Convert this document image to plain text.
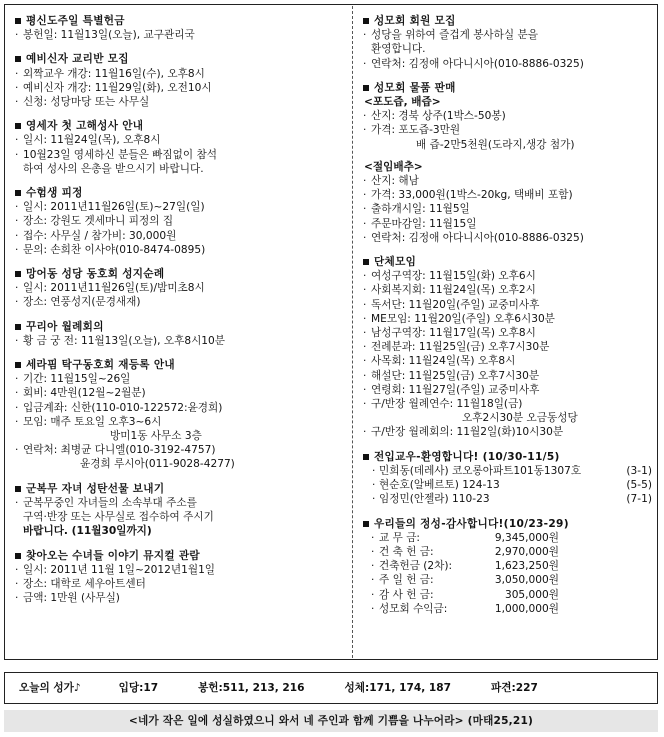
평신도주일 특별헌금
· 봉헌일: 11월13일(오늘), 교구관리국
예비신자 교리반 모집
· 외짝교우 개강: 11월16일(수), 오후8시
· 예비신자 개강: 11월29일(화), 오전10시
· 신청: 성당마당 또는 사무실
영세자 첫 고해성사 안내
· 일시: 11월24일(목), 오후8시
· 10월23일 영세하신 분들은 빠짐없이 참석
하여 성사의 은총을 받으시기 바랍니다.
수험생 피정
· 일시: 2011년11월26일(토)~27일(일)
· 장소: 강원도 겟세마니 피정의 집
· 접수: 사무실 / 참가비: 30,000원
· 문의: 손희찬 이사야(010-8474-0895)
망어동 성당 동호회 성지순례
· 일시: 2011년11월26일(토)/밤미초8시
· 장소: 연풍성지(문경새재)
꾸리아 월례회의
· 황 금 궁 전: 11월13일(오늘), 오후8시10분
세라핌 탁구동호회 재등록 안내
· 기간: 11월15일~26일
· 회비: 4만원(12월~2월분)
· 입금계좌: 신한(110-010-122572:윤경희)
· 모임: 매주 토요일 오후3~6시
방미1동 사무소 3층
· 연락처: 최병균 다니엘(010-3192-4757)
윤경희 루시아(011-9028-4277)
군복무 자녀 성탄선물 보내기
· 군복무중인 자녀들의 소속부대 주소를
구역·반장 또는 사무실로 접수하여 주시기
바랍니다. (11월30일까지)
찾아오는 수녀들 이야기 뮤지컬 관람
· 일시: 2011년 11월 1일~2012년1월1일
· 장소: 대학로 세우아트센터
· 금액: 1만원 (사무실)
성모회 회원 모집
· 성당을 위하여 즐겁게 봉사하실 분을
환영합니다.
· 연락처: 김정애 아다니시아(010-8886-0325)
성모회 물품 판매
<포도즙, 배즙>
· 산지: 경북 상주(1박스-50봉)
· 가격: 포도즙-3만원
배 즙-2만5천원(도라지,생강 첨가)
<절임배추>
· 산지: 해남
· 가격: 33,000원(1박스-20kg, 택배비 포함)
· 출하개시일: 11월5일
· 주문마감일: 11월15일
· 연락처: 김정애 아다니시아(010-8886-0325)
단체모임
· 여성구역장: 11월15일(화) 오후6시
· 사회복지회: 11월24일(목) 오후2시
· 독서단: 11월20일(주일) 교중미사후
· ME모임: 11월20일(주일) 오후6시30분
· 남성구역장: 11월17일(목) 오후8시
· 전례분과: 11월25일(금) 오후7시30분
· 사목회: 11월24일(목) 오후8시
· 해설단: 11월25일(금) 오후7시30분
· 연령회: 11월27일(주일) 교중미사후
· 구/반장 월례연수: 11월18일(금)
오후2시30분 오금동성당
· 구/반장 월례회의: 11월2일(화)10시30분
전입교우-환영합니다! (10/30-11/5)
· 민희동(데레사) 코오롱아파트101동1307호	(3-1)
· 현순호(알베르토) 124-13	(5-5)
· 임정민(안젤라) 110-23	(7-1)
우리들의 정성-감사합니다!(10/23-29)
· 교 무 금:	9,345,000원
· 건 축 헌 금:	2,970,000원
· 건축헌금 (2차):	1,623,250원
· 주 일 헌 금:	3,050,000원
· 감 사 헌 금:	305,000원
· 성모회 수익금:	1,000,000원
오늘의 성가♪	입당:17	봉헌:511, 213, 216	성체:171, 174, 187	파견:227
<네가 작은 일에 성실하였으니 와서 네 주인과 함께 기쁨을 나누어라> (마태25,21)
